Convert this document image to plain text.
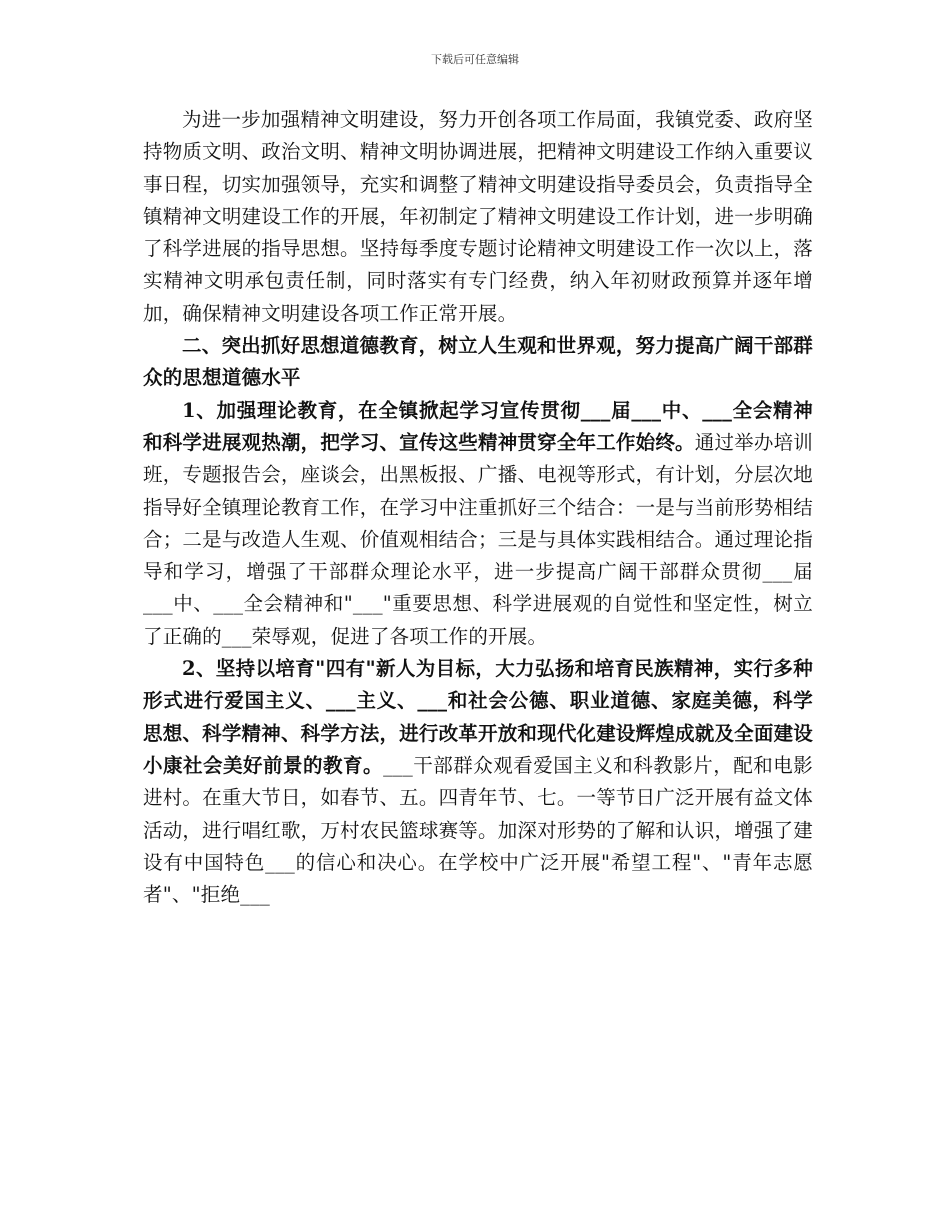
下载后可任意编辑

为进一步加强精神文明建设，努力开创各项工作局面，我镇党委、政府坚持物质文明、政治文明、精神文明协调进展，把精神文明建设工作纳入重要议事日程，切实加强领导，充实和调整了精神文明建设指导委员会，负责指导全镇精神文明建设工作的开展，年初制定了精神文明建设工作计划，进一步明确了科学进展的指导思想。坚持每季度专题讨论精神文明建设工作一次以上，落实精神文明承包责任制，同时落实有专门经费，纳入年初财政预算并逐年增加，确保精神文明建设各项工作正常开展。

二、突出抓好思想道德教育，树立人生观和世界观，努力提高广阔干部群众的思想道德水平

1、加强理论教育，在全镇掀起学习宣传贯彻___届___中、___全会精神和科学进展观热潮，把学习、宣传这些精神贯穿全年工作始终。通过举办培训班，专题报告会，座谈会，出黑板报、广播、电视等形式，有计划，分层次地指导好全镇理论教育工作，在学习中注重抓好三个结合：一是与当前形势相结合；二是与改造人生观、价值观相结合；三是与具体实践相结合。通过理论指导和学习，增强了干部群众理论水平，进一步提高广阔干部群众贯彻___届___中、___全会精神和"___"重要思想、科学进展观的自觉性和坚定性，树立了正确的___荣辱观，促进了各项工作的开展。

2、坚持以培育"四有"新人为目标，大力弘扬和培育民族精神，实行多种形式进行爱国主义、___主义、___和社会公德、职业道德、家庭美德，科学思想、科学精神、科学方法，进行改革开放和现代化建设辉煌成就及全面建设小康社会美好前景的教育。___干部群众观看爱国主义和科教影片，配和电影进村。在重大节日，如春节、五。四青年节、七。一等节日广泛开展有益文体活动，进行唱红歌，万村农民篮球赛等。加深对形势的了解和认识，增强了建设有中国特色___的信心和决心。在学校中广泛开展"希望工程"、"青年志愿者"、"拒绝___
